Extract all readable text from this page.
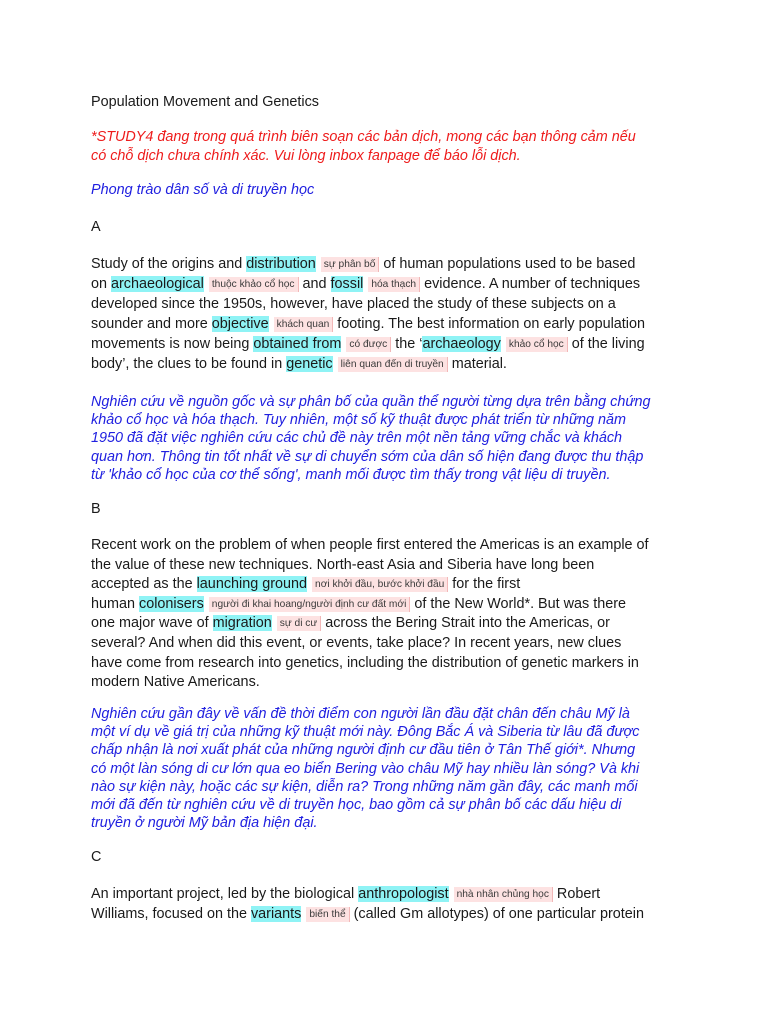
Population Movement and Genetics
*STUDY4 đang trong quá trình biên soạn các bản dịch, mong các bạn thông cảm nếu
có chỗ dịch chưa chính xác. Vui lòng inbox fanpage để báo lỗi dịch.
Phong trào dân số và di truyền học
A
Study of the origins and distribution sự phân bố of human populations used to be based
on archaeological thuộc khảo cổ học and fossil hóa thạch evidence. A number of techniques
developed since the 1950s, however, have placed the study of these subjects on a
sounder and more objective khách quan footing. The best information on early population
movements is now being obtained from có được the ‘archaeology khảo cổ học of the living
body’, the clues to be found in genetic liên quan đến di truyền material.
Nghiên cứu về nguồn gốc và sự phân bố của quần thể người từng dựa trên bằng chứng
khảo cổ học và hóa thạch. Tuy nhiên, một số kỹ thuật được phát triển từ những năm
1950 đã đặt việc nghiên cứu các chủ đề này trên một nền tảng vững chắc và khách
quan hơn. Thông tin tốt nhất về sự di chuyển sớm của dân số hiện đang được thu thập
từ 'khảo cổ học của cơ thể sống', manh mối được tìm thấy trong vật liệu di truyền.
B
Recent work on the problem of when people first entered the Americas is an example of
the value of these new techniques. North-east Asia and Siberia have long been
accepted as the launching ground nơi khởi đầu, bước khởi đầu for the first
human colonisers người đi khai hoang/người định cư đất mới of the New World*. But was there
one major wave of migration sự di cư across the Bering Strait into the Americas, or
several? And when did this event, or events, take place? In recent years, new clues
have come from research into genetics, including the distribution of genetic markers in
modern Native Americans.
Nghiên cứu gần đây về vấn đề thời điểm con người lần đầu đặt chân đến châu Mỹ là
một ví dụ về giá trị của những kỹ thuật mới này. Đông Bắc Á và Siberia từ lâu đã được
chấp nhận là nơi xuất phát của những người định cư đầu tiên ở Tân Thế giới*. Nhưng
có một làn sóng di cư lớn qua eo biển Bering vào châu Mỹ hay nhiều làn sóng? Và khi
nào sự kiện này, hoặc các sự kiện, diễn ra? Trong những năm gần đây, các manh mối
mới đã đến từ nghiên cứu về di truyền học, bao gồm cả sự phân bố các dấu hiệu di
truyền ở người Mỹ bản địa hiện đại.
C
An important project, led by the biological anthropologist nhà nhân chủng học Robert
Williams, focused on the variants biến thể (called Gm allotypes) of one particular protein
